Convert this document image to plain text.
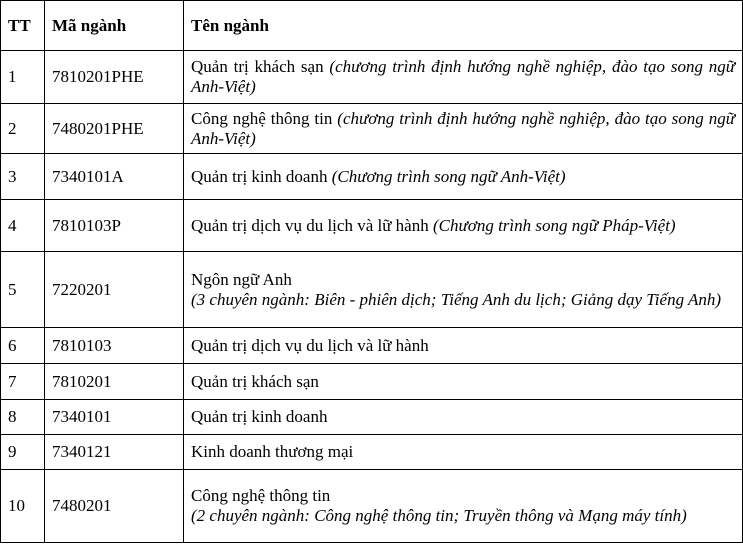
TT	Mã ngành	Tên ngành
1	7810201PHE	Quản trị khách sạn (chương trình định hướng nghề nghiệp, đào tạo song ngữ Anh-Việt)
2	7480201PHE	Công nghệ thông tin (chương trình định hướng nghề nghiệp, đào tạo song ngữ Anh-Việt)
3	7340101A	Quản trị kinh doanh (Chương trình song ngữ Anh-Việt)
4	7810103P	Quản trị dịch vụ du lịch và lữ hành (Chương trình song ngữ Pháp-Việt)
5	7220201	Ngôn ngữ Anh
(3 chuyên ngành: Biên - phiên dịch; Tiếng Anh du lịch; Giảng dạy Tiếng Anh)
6	7810103	Quản trị dịch vụ du lịch và lữ hành
7	7810201	Quản trị khách sạn
8	7340101	Quản trị kinh doanh
9	7340121	Kinh doanh thương mại
10	7480201	Công nghệ thông tin
(2 chuyên ngành: Công nghệ thông tin; Truyền thông và Mạng máy tính)
